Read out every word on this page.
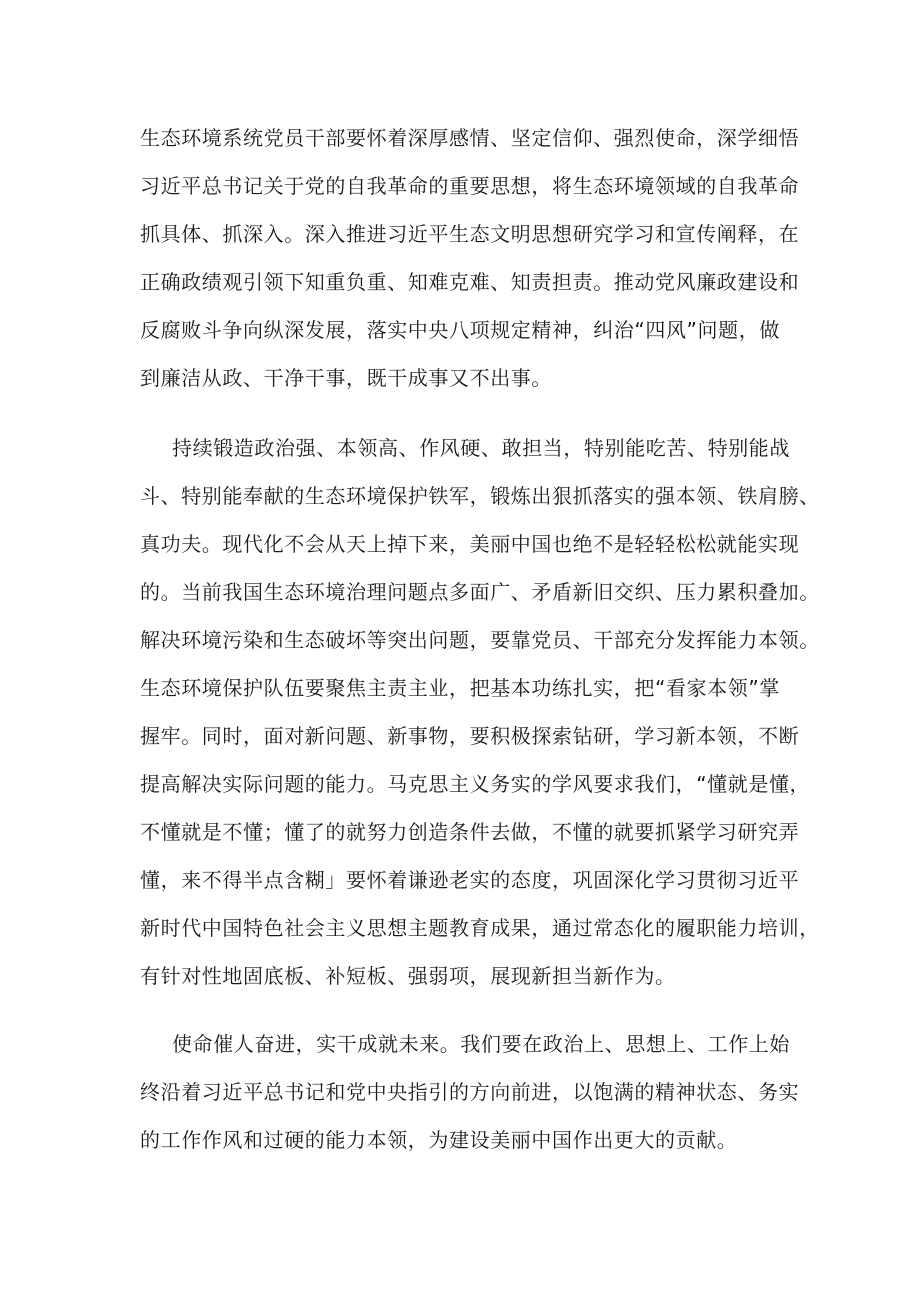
生态环境系统党员干部要怀着深厚感情、坚定信仰、强烈使命，深学细悟
习近平总书记关于党的自我革命的重要思想，将生态环境领域的自我革命
抓具体、抓深入。深入推进习近平生态文明思想研究学习和宣传阐释，在
正确政绩观引领下知重负重、知难克难、知责担责。推动党风廉政建设和
反腐败斗争向纵深发展，落实中央八项规定精神，纠治“四风”问题，做
到廉洁从政、干净干事，既干成事又不出事。
持续锻造政治强、本领高、作风硬、敢担当，特别能吃苦、特别能战
斗、特别能奉献的生态环境保护铁军，锻炼出狠抓落实的强本领、铁肩膀、
真功夫。现代化不会从天上掉下来，美丽中国也绝不是轻轻松松就能实现
的。当前我国生态环境治理问题点多面广、矛盾新旧交织、压力累积叠加。
解决环境污染和生态破坏等突出问题，要靠党员、干部充分发挥能力本领。
生态环境保护队伍要聚焦主责主业，把基本功练扎实，把“看家本领”掌
握牢。同时，面对新问题、新事物，要积极探索钻研，学习新本领，不断
提高解决实际问题的能力。马克思主义务实的学风要求我们，“懂就是懂，
不懂就是不懂；懂了的就努力创造条件去做，不懂的就要抓紧学习研究弄
懂，来不得半点含糊」要怀着谦逊老实的态度，巩固深化学习贯彻习近平
新时代中国特色社会主义思想主题教育成果，通过常态化的履职能力培训，
有针对性地固底板、补短板、强弱项，展现新担当新作为。
使命催人奋进，实干成就未来。我们要在政治上、思想上、工作上始
终沿着习近平总书记和党中央指引的方向前进，以饱满的精神状态、务实
的工作作风和过硬的能力本领，为建设美丽中国作出更大的贡献。
